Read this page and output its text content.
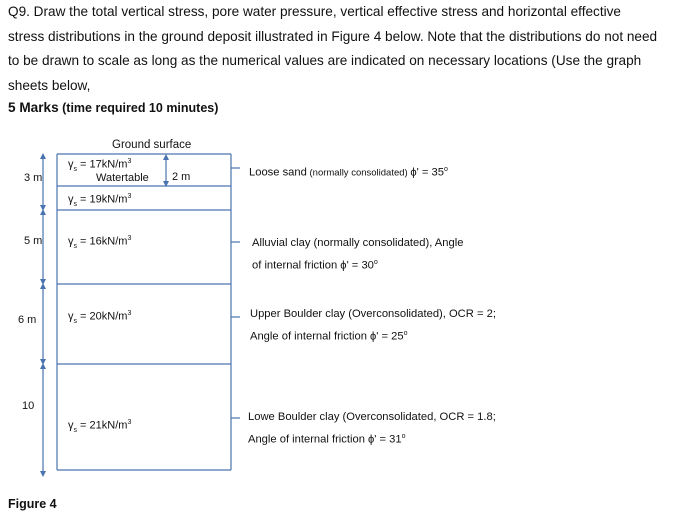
Q9. Draw the total vertical stress, pore water pressure, vertical effective stress and horizontal effective
stress distributions in the ground deposit illustrated in Figure 4 below. Note that the distributions do not need
to be drawn to scale as long as the numerical values are indicated on necessary locations (Use the graph
sheets below,
5 Marks (time required 10 minutes)
Ground surface
$\gamma_s = 17kN/m^3$
Watertable 2 m
$\gamma_s = 19kN/m^3$
$\gamma_s = 16kN/m^3$
$\gamma_s = 20kN/m^3$
$\gamma_s = 21kN/m^3$
3 m
5 m
6 m
10
Loose sand (normally consolidated) $\phi' = 35^o$
Alluvial clay (normally consolidated), Angle
of internal friction $\phi' = 30^o$
Upper Boulder clay (Overconsolidated), OCR = 2;
Angle of internal friction $\phi' = 25^o$
Lowe Boulder clay (Overconsolidated, OCR = 1.8;
Angle of internal friction $\phi' = 31^o$
Figure 4
